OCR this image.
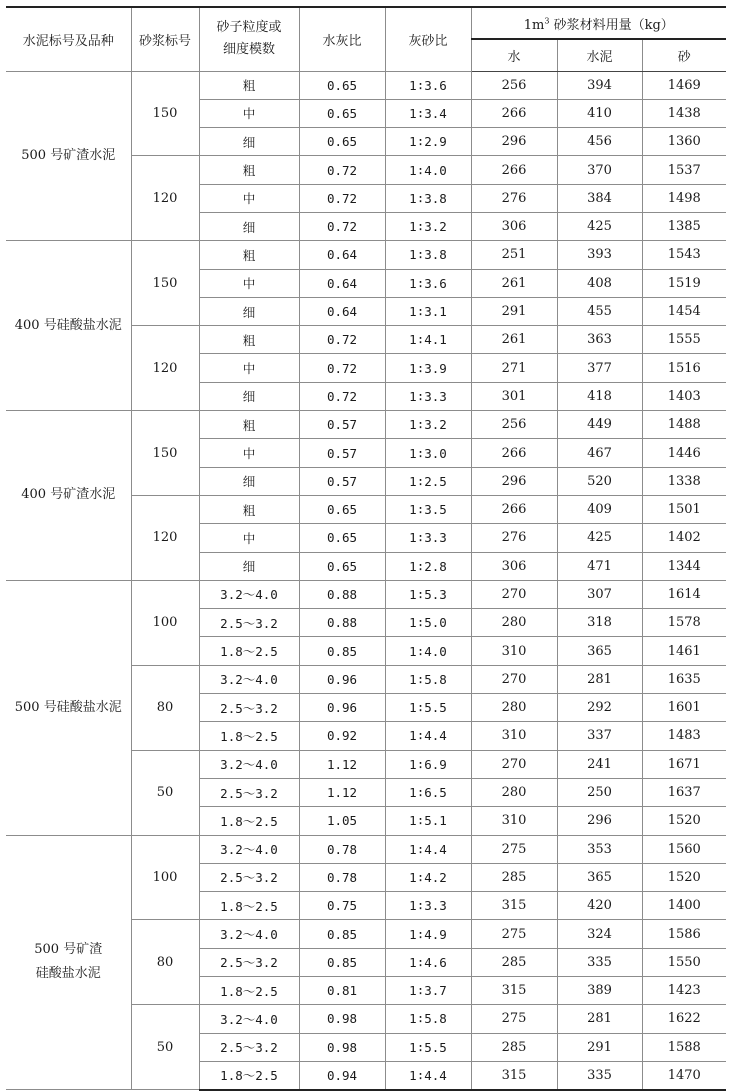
水泥标号及品种	砂浆标号	砂子粒度或
细度模数	水灰比	灰砂比	$1m^3$ 砂浆材料用量（kg）		
					水	水泥	砂
500 号矿渣水泥	150	粗	0.65	1∶3.6	256	394	1469
		中	0.65	1∶3.4	266	410	1438
		细	0.65	1∶2.9	296	456	1360
	120	粗	0.72	1∶4.0	266	370	1537
		中	0.72	1∶3.8	276	384	1498
		细	0.72	1∶3.2	306	425	1385
400 号硅酸盐水泥	150	粗	0.64	1∶3.8	251	393	1543
		中	0.64	1∶3.6	261	408	1519
		细	0.64	1∶3.1	291	455	1454
	120	粗	0.72	1∶4.1	261	363	1555
		中	0.72	1∶3.9	271	377	1516
		细	0.72	1∶3.3	301	418	1403
400 号矿渣水泥	150	粗	0.57	1∶3.2	256	449	1488
		中	0.57	1∶3.0	266	467	1446
		细	0.57	1∶2.5	296	520	1338
	120	粗	0.65	1∶3.5	266	409	1501
		中	0.65	1∶3.3	276	425	1402
		细	0.65	1∶2.8	306	471	1344
500 号硅酸盐水泥	100	3.2～4.0	0.88	1∶5.3	270	307	1614
		2.5～3.2	0.88	1∶5.0	280	318	1578
		1.8～2.5	0.85	1∶4.0	310	365	1461
	80	3.2～4.0	0.96	1∶5.8	270	281	1635
		2.5～3.2	0.96	1∶5.5	280	292	1601
		1.8～2.5	0.92	1∶4.4	310	337	1483
	50	3.2～4.0	1.12	1∶6.9	270	241	1671
		2.5～3.2	1.12	1∶6.5	280	250	1637
		1.8～2.5	1.05	1∶5.1	310	296	1520
500 号矿渣
硅酸盐水泥	100	3.2～4.0	0.78	1∶4.4	275	353	1560
		2.5～3.2	0.78	1∶4.2	285	365	1520
		1.8～2.5	0.75	1∶3.3	315	420	1400
	80	3.2～4.0	0.85	1∶4.9	275	324	1586
		2.5～3.2	0.85	1∶4.6	285	335	1550
		1.8～2.5	0.81	1∶3.7	315	389	1423
	50	3.2～4.0	0.98	1∶5.8	275	281	1622
		2.5～3.2	0.98	1∶5.5	285	291	1588
		1.8～2.5	0.94	1∶4.4	315	335	1470
